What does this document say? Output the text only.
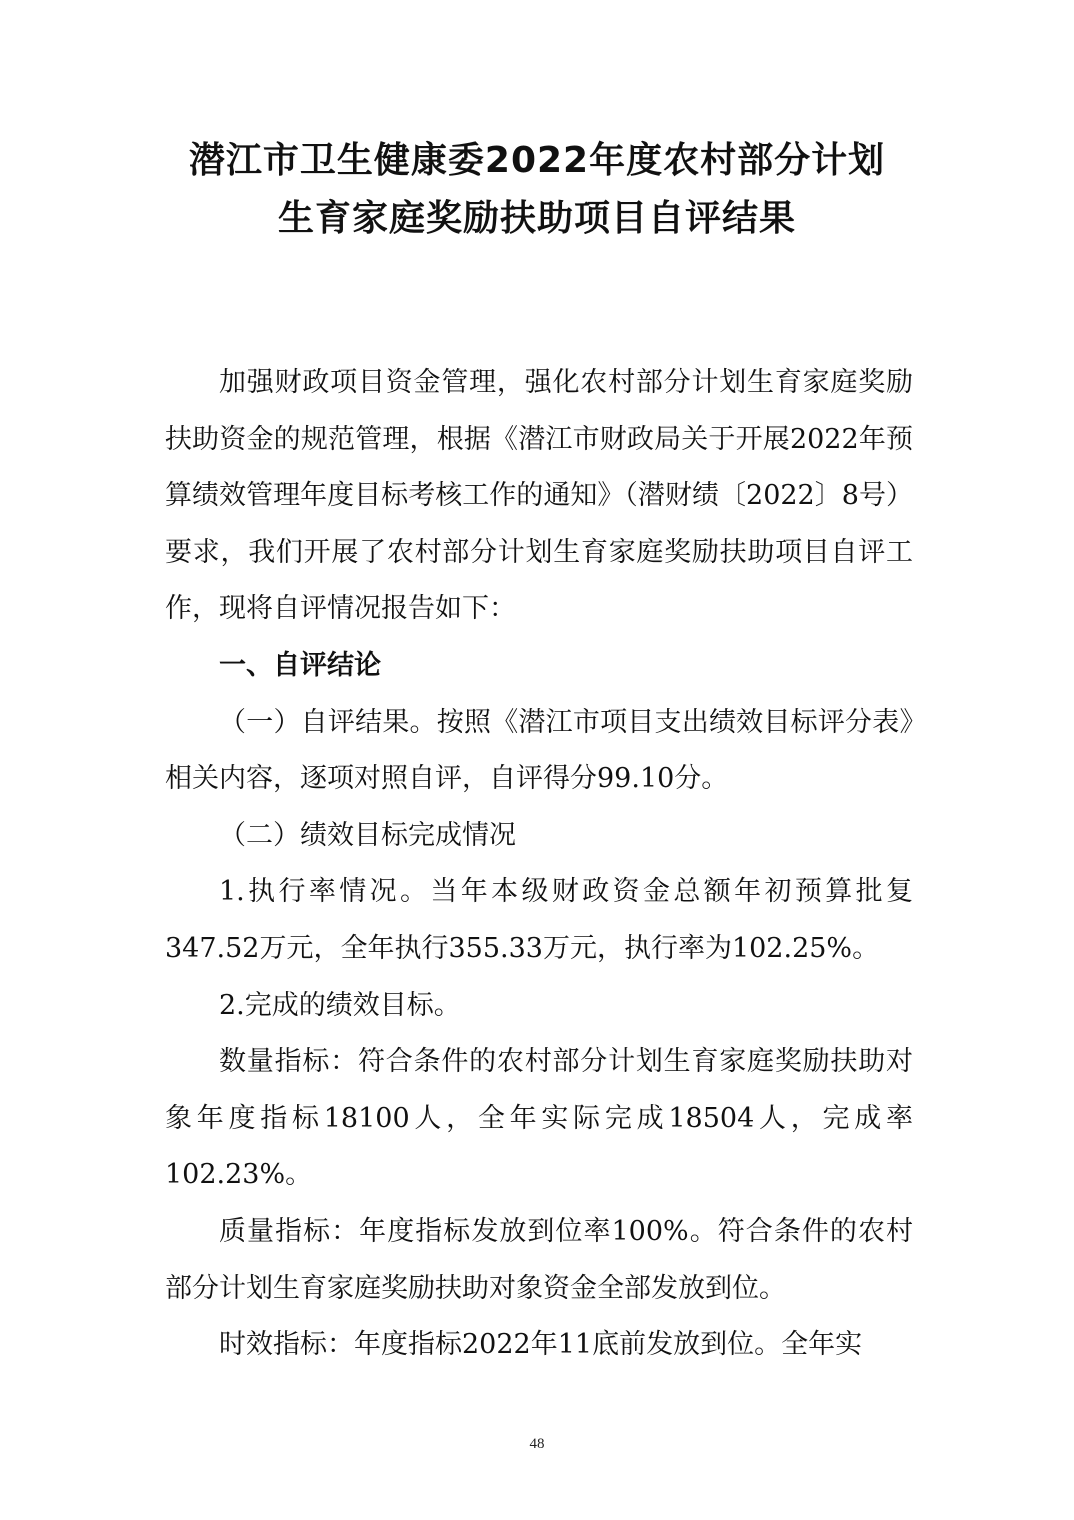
潜江市卫生健康委2022年度农村部分计划
生育家庭奖励扶助项目自评结果

加强财政项目资金管理，强化农村部分计划生育家庭奖励扶助资金的规范管理，根据《潜江市财政局关于开展2022年预算绩效管理年度目标考核工作的通知》（潜财绩〔2022〕8号）要求，我们开展了农村部分计划生育家庭奖励扶助项目自评工作，现将自评情况报告如下：

一、自评结论

（一）自评结果。按照《潜江市项目支出绩效目标评分表》相关内容，逐项对照自评，自评得分99.10分。

（二）绩效目标完成情况

1.执行率情况。当年本级财政资金总额年初预算批复347.52万元，全年执行355.33万元，执行率为102.25%。

2.完成的绩效目标。

数量指标：符合条件的农村部分计划生育家庭奖励扶助对象年度指标18100人，全年实际完成18504人，完成率102.23%。

质量指标：年度指标发放到位率100%。符合条件的农村部分计划生育家庭奖励扶助对象资金全部发放到位。

时效指标：年度指标2022年11底前发放到位。全年实

48
